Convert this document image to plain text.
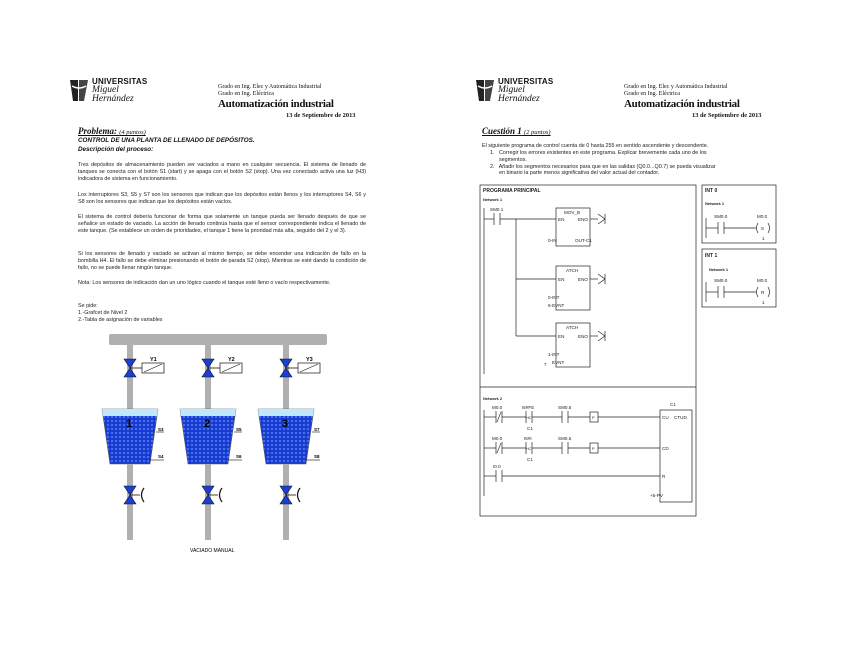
UNIVERSITAS
Miguel
Hernández
Grado en Ing. Elec y Automática Industrial
Grado en Ing. Eléctrica
Automatización industrial
13 de Septiembre de 2013
Problema: (4 puntos)
CONTROL DE UNA PLANTA DE LLENADO DE DEPÓSITOS.
Descripción del proceso:
Tres depósitos de almacenamiento pueden ser vaciados a mano en cualquier secuencia. El sistema de llenado de tanques se conecta con el botón S1 (start) y se apaga con el botón S2 (stop). Una vez conectado activa una luz (H3) indicadora de sistema en funcionamiento.
Los interruptores S3, S5 y S7 son los sensores que indican que los depósitos están llenos y los interruptores S4, S6 y S8 son los sensores que indican que los depósitos están vacíos.
El sistema de control debería funcionar de forma que solamente un tanque pueda ser llenado después de que se señalice un estado de vaciado. La acción de llenado continúa hasta que el sensor correspondiente indica el llenado de este tanque. (Se establece un orden de prioridades, el tanque 1 tiene la prioridad más alta, seguido del 2 y el 3).
Si los sensores de llenado y vaciado se activan al mismo tiempo, se debe encender una indicación de fallo en la bombilla H4. El fallo se debe eliminar presionando el botón de parada S2 (stop). Mientras se esté dando la condición de fallo, no se puede llenar ningún tanque.
Nota: Los sensores de indicación dan un uno lógico cuando el tanque esté lleno o vacío respectivamente.
Se pide:
1.-Grafcet de Nivel 2
2.-Tabla de asignación de variables
Y1
1	S3
S4
Y2
2	S5
S6
Y3
3	S7
S8
VACIADO MANUAL
UNIVERSITAS
Miguel
Hernández
Grado en Ing. Elec y Automática Industrial
Grado en Ing. Eléctrica
Automatización industrial
13 de Septiembre de 2013
Cuestión 1 (2 puntos)
El siguiente programa de control cuenta de 0 hasta 255 en sentido ascendente y descendente.
1.   Corregir los errores existentes en este programa. Explicar brevemente cada uno de los
segmentos.
2.   Añadir los segmentos necesarios para que en las salidas (Q0.0...Q0.7) se pueda visualizar
en binario la parte menos significativa del valor actual del contador.
PROGRAMA PRINCIPAL
Network 1
SM0.1
MOV_B
EN	ENO
0-IN	OUT-C1
ATCH
EN	ENO
0-INT
6-EVNT
ATCH
EN	ENO
1-INT
7 EVNT
Network 2
M0.0	I5#FE
HC
C1
SM0.5
P
C1
CU CTUD
M0.0	I5#I
HC
C1
SM0.5
P	CD
I0.0
R
+5-PV
INT 0
Network 1
SM0.0	M0.0
S
1
INT 1
Network 1
SM0.0	M0.0
R
1
